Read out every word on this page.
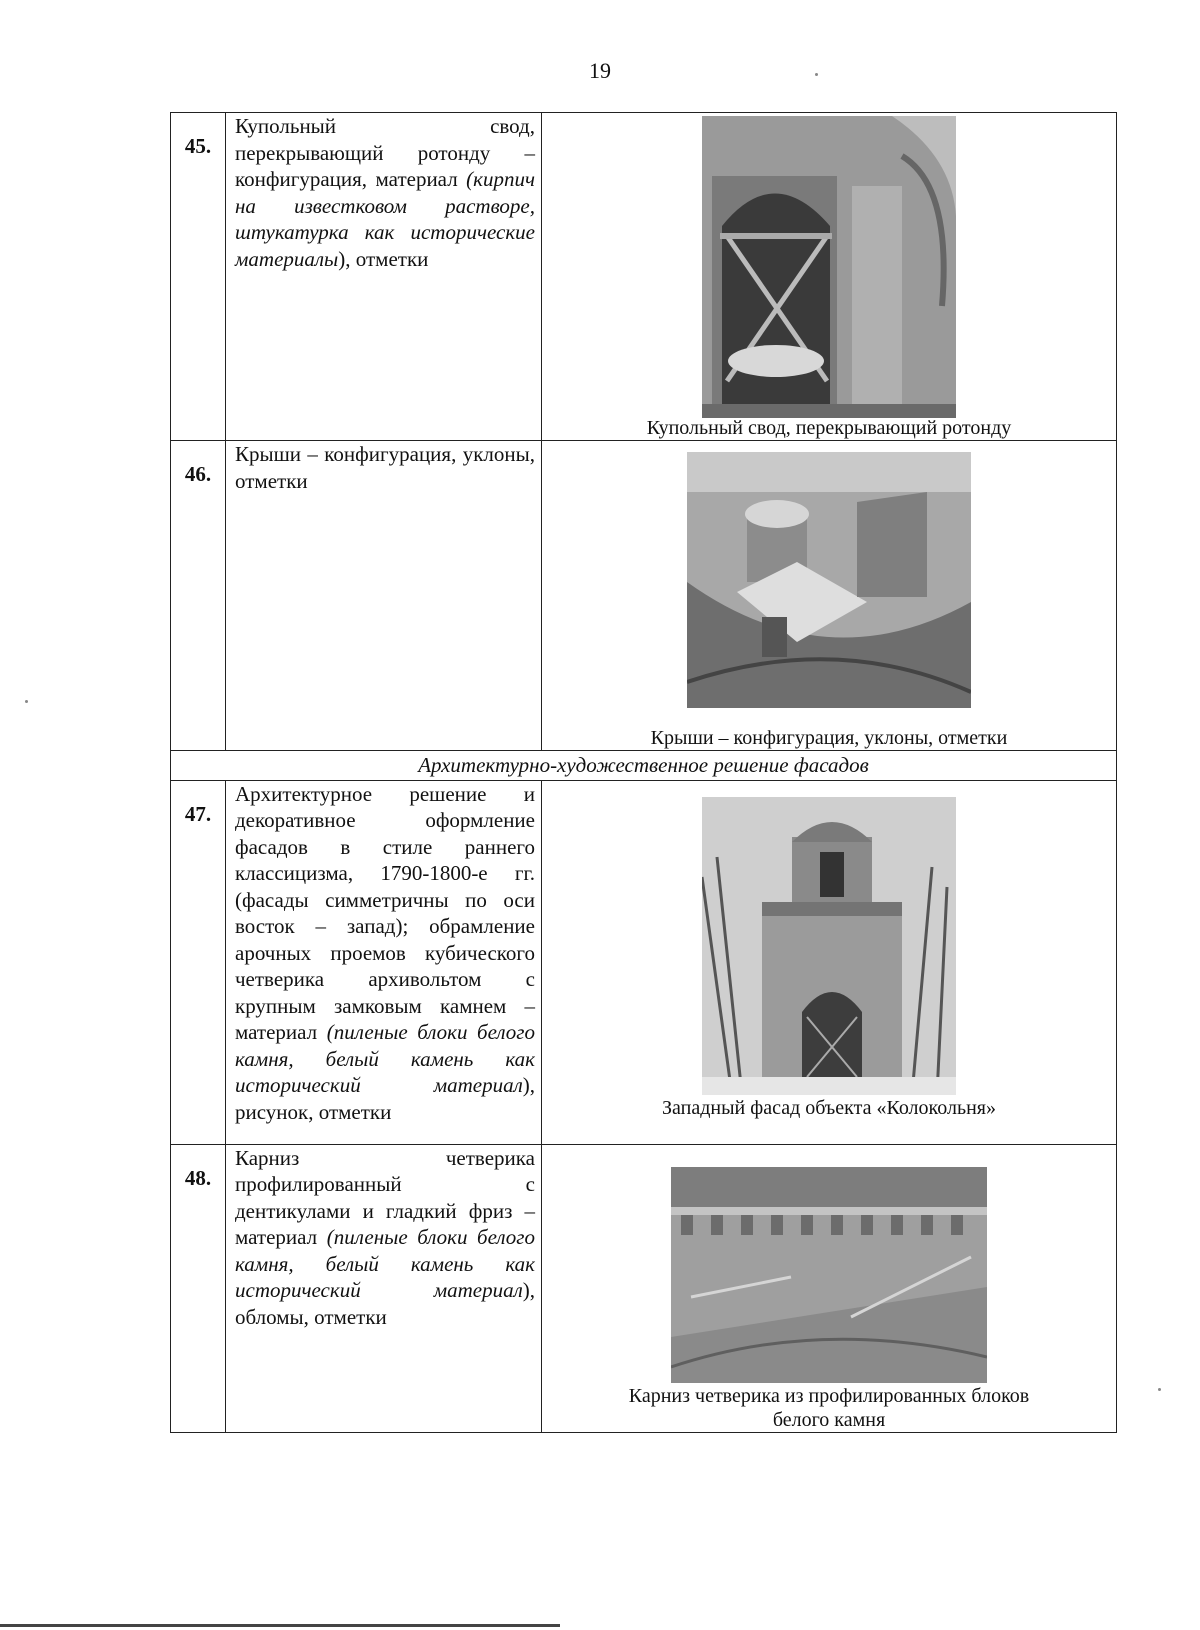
19
45.	Купольный свод, перекрывающий ротонду – конфигурация, материал (кирпич на известковом растворе, штукатурка как исторические материалы), отметки	Купольный свод, перекрывающий ротонду

46.	Крыши – конфигурация, уклоны, отметки	Крыши – конфигурация, уклоны, отметки

Архитектурно-художественное решение фасадов		
47.	Архитектурное решение и декоративное оформление фасадов в стиле раннего классицизма, 1790-1800-е гг. (фасады симметричны по оси восток – запад); обрамление арочных проемов кубического четверика архивольтом с крупным замковым камнем – материал (пиленые блоки белого камня, белый камень как исторический материал), рисунок, отметки	Западный фасад объекта «Колокольня»

48.	Карниз четверика профилированный с дентикулами и гладкий фриз – материал (пиленые блоки белого камня, белый камень как исторический материал), обломы, отметки	Карниз четверика из профилированных блоков белого камня
